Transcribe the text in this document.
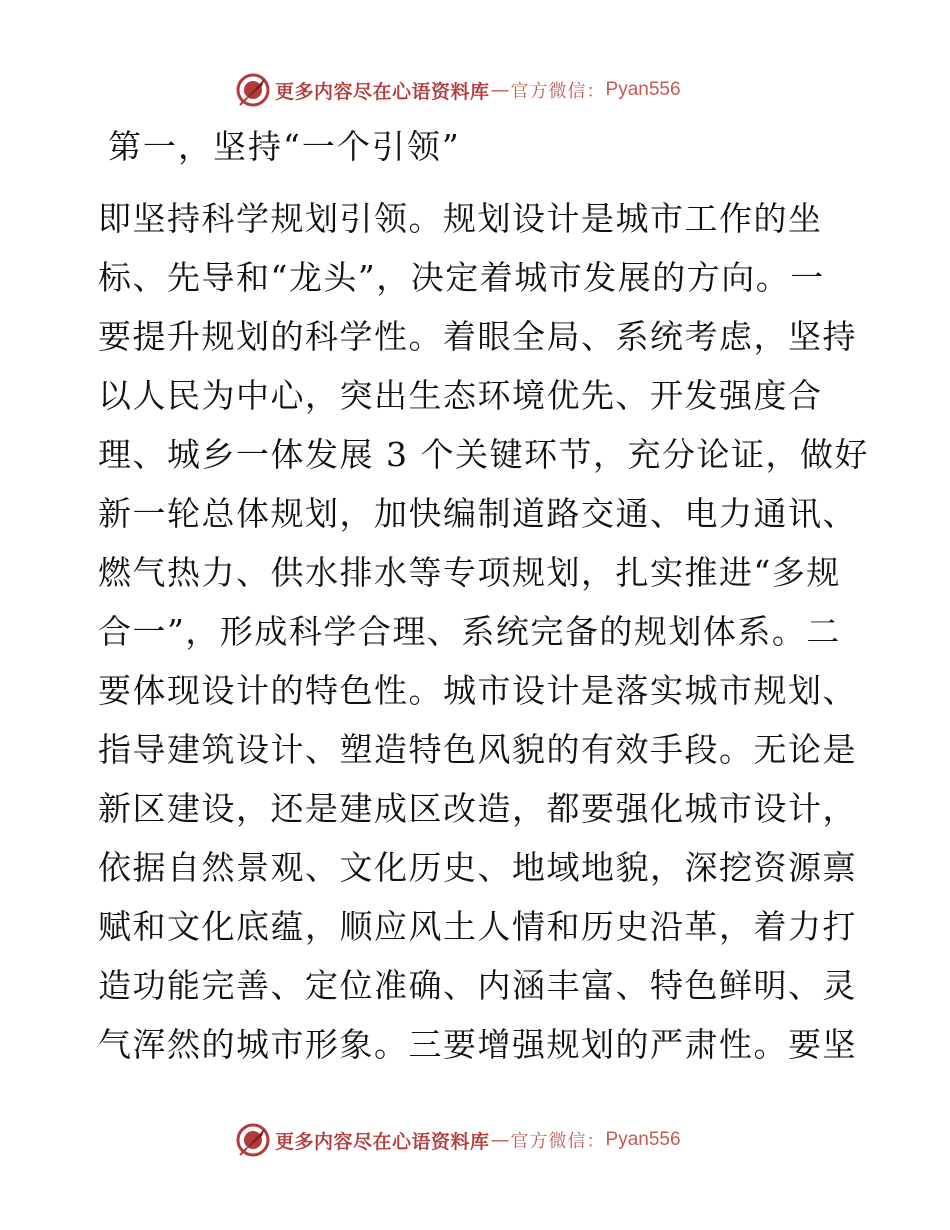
更多内容尽在心语资料库 — 官方微信： Pyan556
第一，坚持“一个引领”

即坚持科学规划引领。规划设计是城市工作的坐

标、先导和“龙头”，决定着城市发展的方向。一

要提升规划的科学性。着眼全局、系统考虑，坚持

以人民为中心，突出生态环境优先、开发强度合

理、城乡一体发展 3 个关键环节，充分论证，做好

新一轮总体规划，加快编制道路交通、电力通讯、

燃气热力、供水排水等专项规划，扎实推进“多规

合一”，形成科学合理、系统完备的规划体系。二

要体现设计的特色性。城市设计是落实城市规划、

指导建筑设计、塑造特色风貌的有效手段。无论是

新区建设，还是建成区改造，都要强化城市设计，

依据自然景观、文化历史、地域地貌，深挖资源禀

赋和文化底蕴，顺应风土人情和历史沿革，着力打

造功能完善、定位准确、内涵丰富、特色鲜明、灵

气浑然的城市形象。三要增强规划的严肃性。要坚

更多内容尽在心语资料库 — 官方微信： Pyan556
